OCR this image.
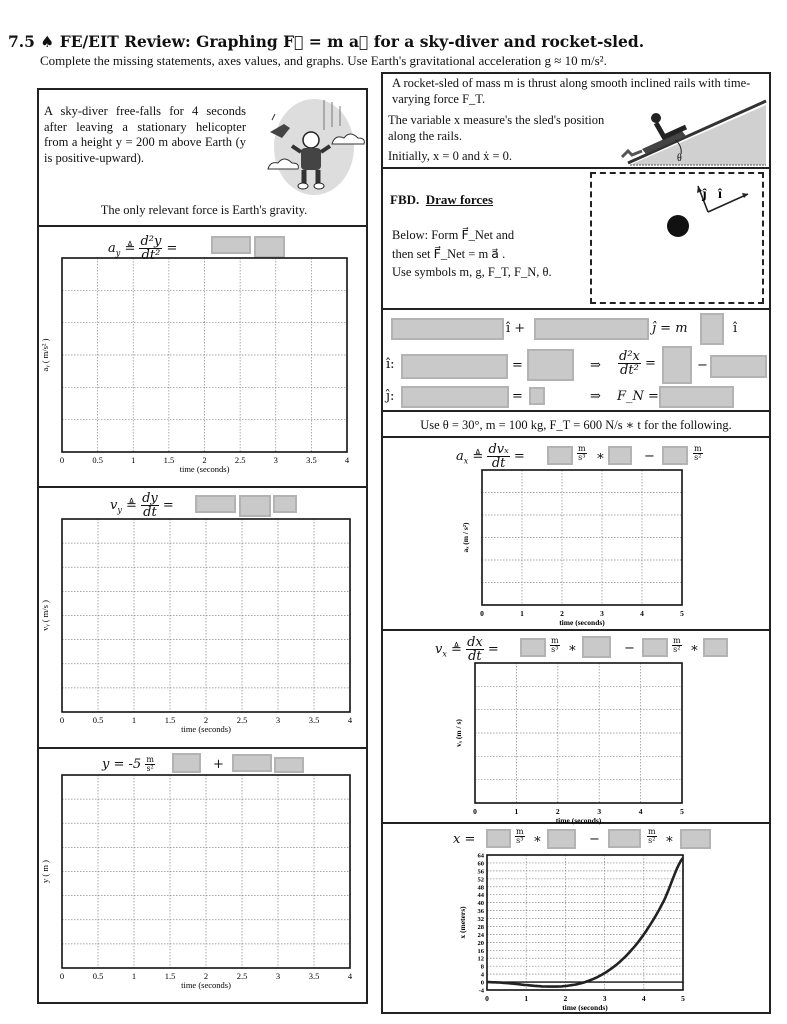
7.5 ♠ FE/EIT Review: Graphing F⃗ = m a⃗ for a sky-diver and rocket-sled.
Complete the missing statements, axes values, and graphs. Use Earth's gravitational acceleration g ≈ 10 m/s².
A sky-diver free-falls for 4 seconds after leaving a stationary helicopter from a height y = 200 m above Earth (y is positive-upward).
The only relevant force is Earth's gravity.
$a_y$ ≜ $\frac{\text{d²y}}{\text{dt²}}$ =
0	0.5	1	1.5	2	2.5	3	3.5	4
time (seconds)
aᵧ ( m/s² )
$v_y$ ≜ $\frac{dy}{dt}$ =
0	0.5	1	1.5	2	2.5	3	3.5	4
time (seconds)
vᵧ ( m/s )
$y = -5 \frac{m}{\text{s²}}$	+
0	0.5	1	1.5	2	2.5	3	3.5	4
time (seconds)
y ( m )
A rocket-sled of mass m is thrust along smooth inclined rails with time-varying force F_T.
The variable x measure's the sled's position along the rails.
Initially, x = 0 and ẋ = 0.	θ
FBD. Draw forces
Below: Form F⃗_Net and
then set F⃗_Net = m a⃗ .
Use symbols m, g, F_T, F_N, θ.
ĵ î
î +	ĵ = m	î
î:	=	⇒ $\frac{\text{d²x}}{\text{dt²}}$ =	−
ĵ:	=	⇒ F_N =
Use θ = 30°, m = 100 kg, F_T = 600 N/s ∗ t for the following.
$a_x$ ≜ $\frac{\text{dvₓ}}{dt}$ =	$\frac{m}{\text{s³}}$ ∗	−	$\frac{m}{\text{s²}}$
0	1	2	3	4	5
time (seconds)
aₓ (m / s²)
$v_x$ ≜ $\frac{dx}{dt}$ =	$\frac{m}{\text{s³}}$ ∗	−	$\frac{m}{\text{s²}}$ ∗
0	1	2	3	4	5
time (seconds)
vₓ (m / s)
x =	$\frac{m}{\text{s³}}$ ∗	−	$\frac{m}{\text{s²}}$ ∗
0	1	2	3	4	5
time (seconds)
x (meters)
-4
0
4
8
12
16
20
24
28
32
36
40
44
48
52
56
60
64
